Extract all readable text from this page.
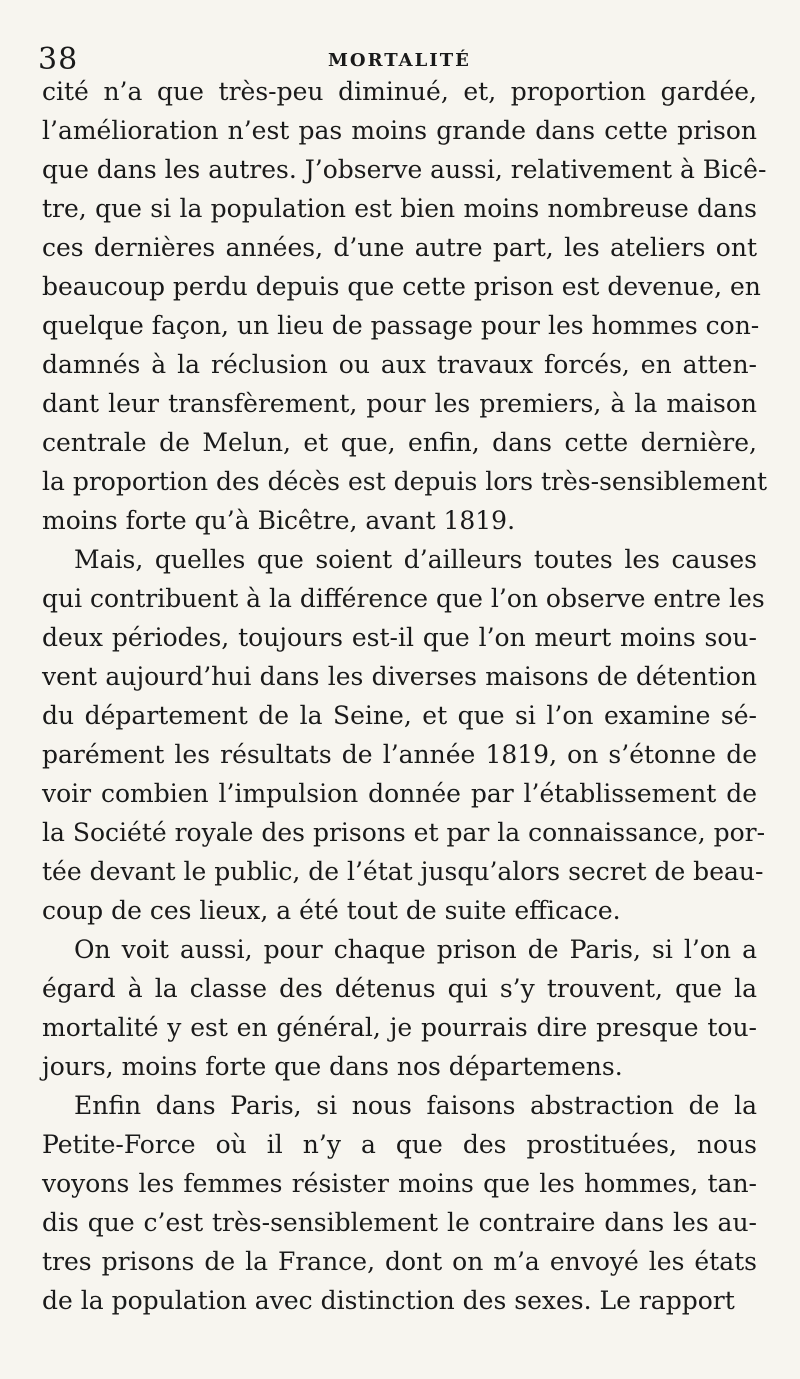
38	MORTALITÉ
cité n’a que très-peu diminué, et, proportion gardée,
l’amélioration n’est pas moins grande dans cette prison
que dans les autres. J’observe aussi, relativement à Bicê-
tre, que si la population est bien moins nombreuse dans
ces dernières années, d’une autre part, les ateliers ont
beaucoup perdu depuis que cette prison est devenue, en
quelque façon, un lieu de passage pour les hommes con-
damnés à la réclusion ou aux travaux forcés, en atten-
dant leur transfèrement, pour les premiers, à la maison
centrale de Melun, et que, enfin, dans cette dernière,
la proportion des décès est depuis lors très-sensiblement
moins forte qu’à Bicêtre, avant 1819.
Mais, quelles que soient d’ailleurs toutes les causes
qui contribuent à la différence que l’on observe entre les
deux périodes, toujours est-il que l’on meurt moins sou-
vent aujourd’hui dans les diverses maisons de détention
du département de la Seine, et que si l’on examine sé-
parément les résultats de l’année 1819, on s’étonne de
voir combien l’impulsion donnée par l’établissement de
la Société royale des prisons et par la connaissance, por-
tée devant le public, de l’état jusqu’alors secret de beau-
coup de ces lieux, a été tout de suite efficace.
On voit aussi, pour chaque prison de Paris, si l’on a
égard à la classe des détenus qui s’y trouvent, que la
mortalité y est en général, je pourrais dire presque tou-
jours, moins forte que dans nos départemens.
Enfin dans Paris, si nous faisons abstraction de la
Petite-Force où il n’y a que des prostituées, nous
voyons les femmes résister moins que les hommes, tan-
dis que c’est très-sensiblement le contraire dans les au-
tres prisons de la France, dont on m’a envoyé les états
de la population avec distinction des sexes. Le rapport
